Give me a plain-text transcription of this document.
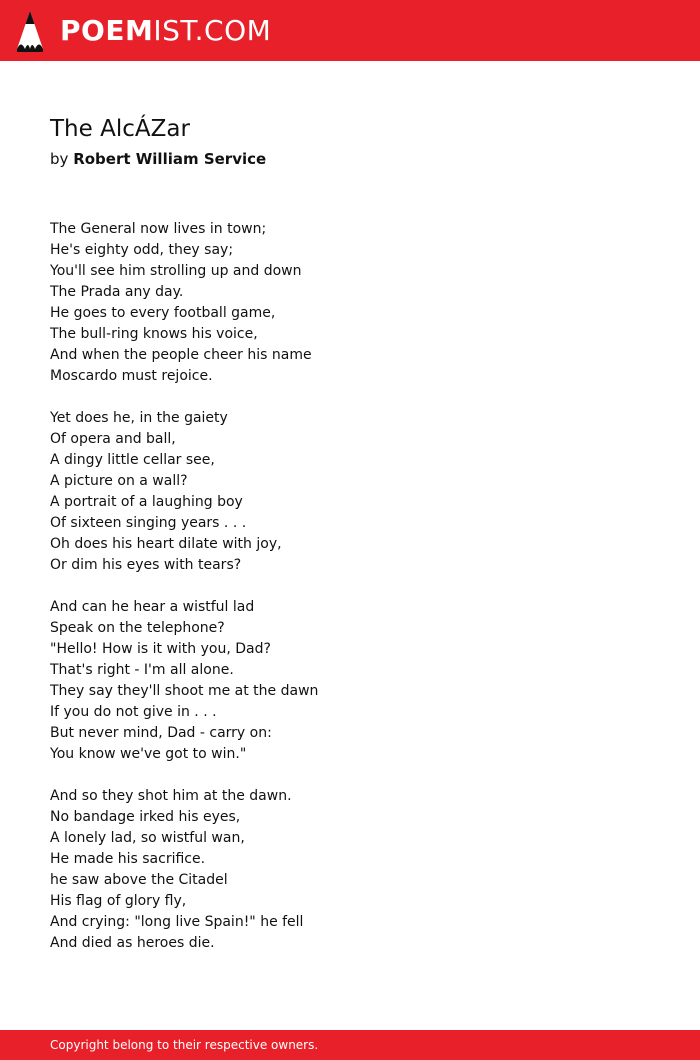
POEMIST.COM
The AlcÁZar
by Robert William Service
The General now lives in town;
He's eighty odd, they say;
You'll see him strolling up and down
The Prada any day.
He goes to every football game,
The bull-ring knows his voice,
And when the people cheer his name
Moscardo must rejoice.
Yet does he, in the gaiety
Of opera and ball,
A dingy little cellar see,
A picture on a wall?
A portrait of a laughing boy
Of sixteen singing years . . .
Oh does his heart dilate with joy,
Or dim his eyes with tears?
And can he hear a wistful lad
Speak on the telephone?
"Hello! How is it with you, Dad?
That's right - I'm all alone.
They say they'll shoot me at the dawn
If you do not give in . . .
But never mind, Dad - carry on:
You know we've got to win."
And so they shot him at the dawn.
No bandage irked his eyes,
A lonely lad, so wistful wan,
He made his sacrifice.
he saw above the Citadel
His flag of glory fly,
And crying: "long live Spain!" he fell
And died as heroes die.
Copyright belong to their respective owners.
